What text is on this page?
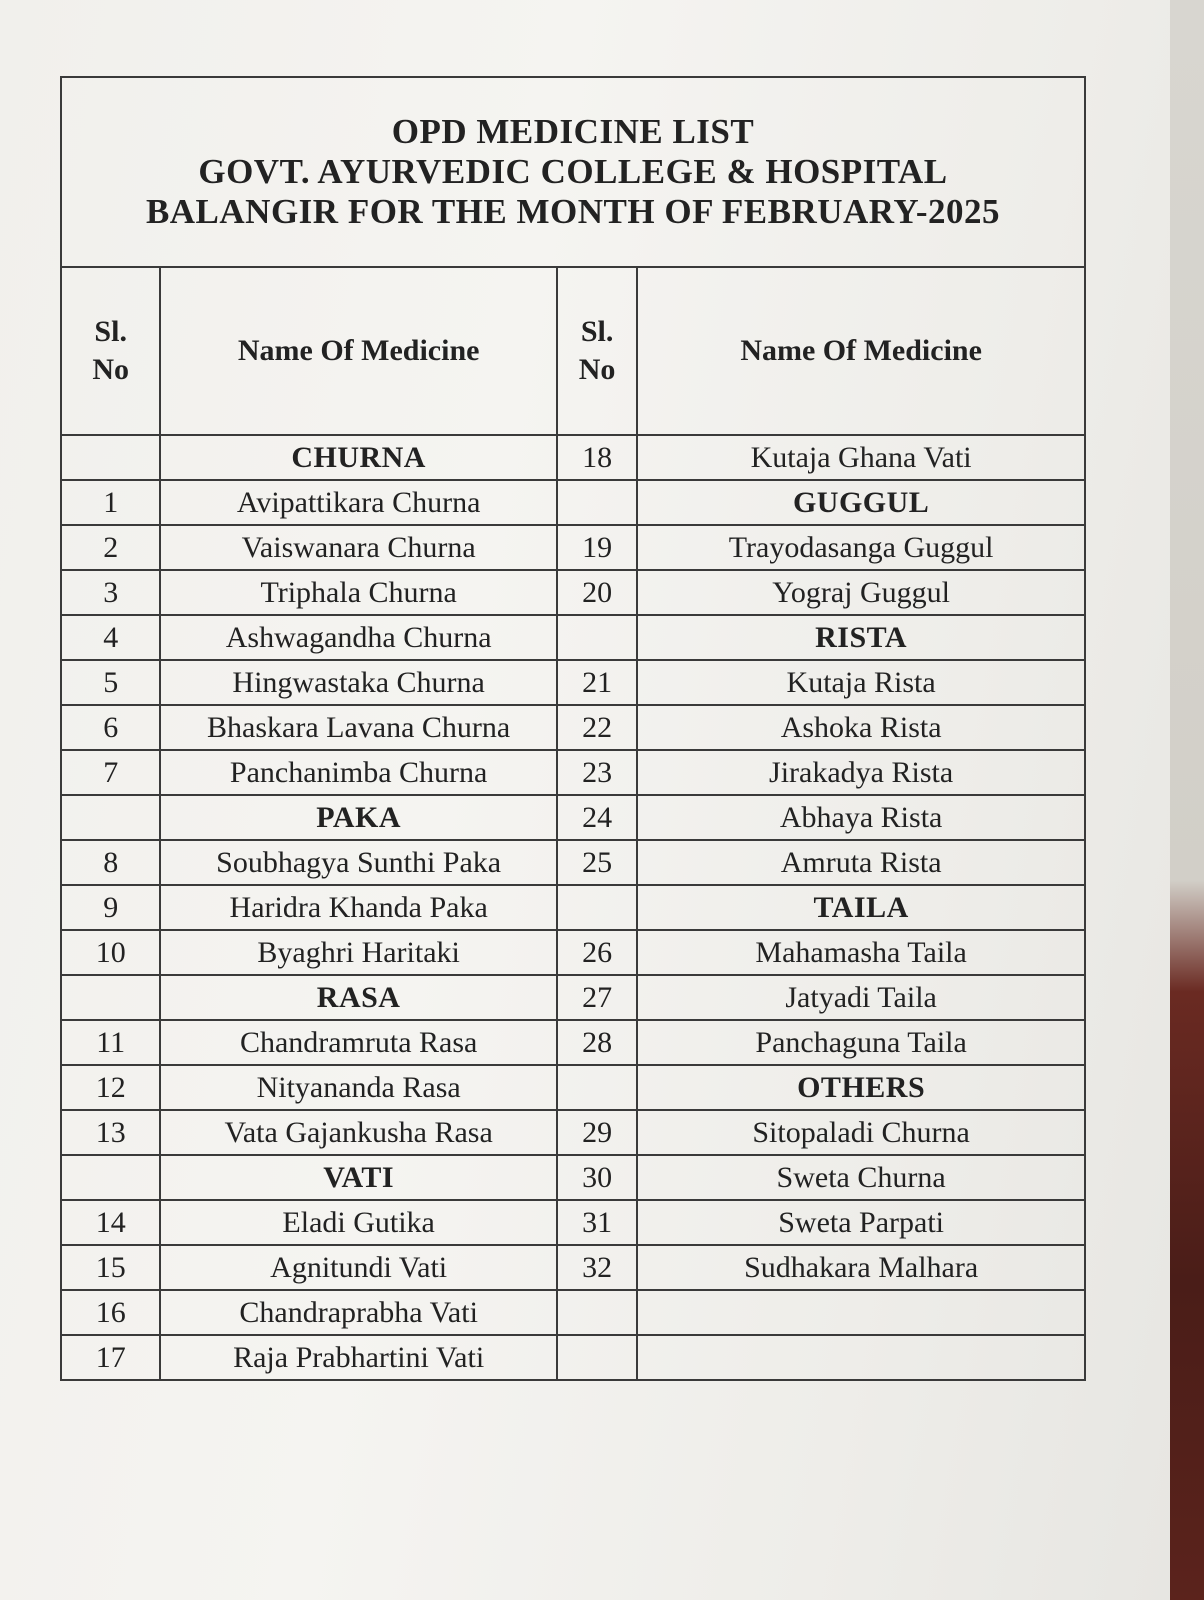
OPD MEDICINE LIST
GOVT. AYURVEDIC COLLEGE & HOSPITAL
BALANGIR FOR THE MONTH OF FEBRUARY-2025
Sl. No	Name Of Medicine	Sl. No	Name Of Medicine
	CHURNA	18	Kutaja Ghana Vati
1	Avipattikara Churna		GUGGUL
2	Vaiswanara Churna	19	Trayodasanga Guggul
3	Triphala Churna	20	Yograj Guggul
4	Ashwagandha Churna		RISTA
5	Hingwastaka Churna	21	Kutaja Rista
6	Bhaskara Lavana Churna	22	Ashoka Rista
7	Panchanimba Churna	23	Jirakadya Rista
	PAKA	24	Abhaya Rista
8	Soubhagya Sunthi Paka	25	Amruta Rista
9	Haridra Khanda Paka		TAILA
10	Byaghri Haritaki	26	Mahamasha Taila
	RASA	27	Jatyadi Taila
11	Chandramruta Rasa	28	Panchaguna Taila
12	Nityananda Rasa		OTHERS
13	Vata Gajankusha Rasa	29	Sitopaladi Churna
	VATI	30	Sweta Churna
14	Eladi Gutika	31	Sweta Parpati
15	Agnitundi Vati	32	Sudhakara Malhara
16	Chandraprabha Vati		
17	Raja Prabhartini Vati		
